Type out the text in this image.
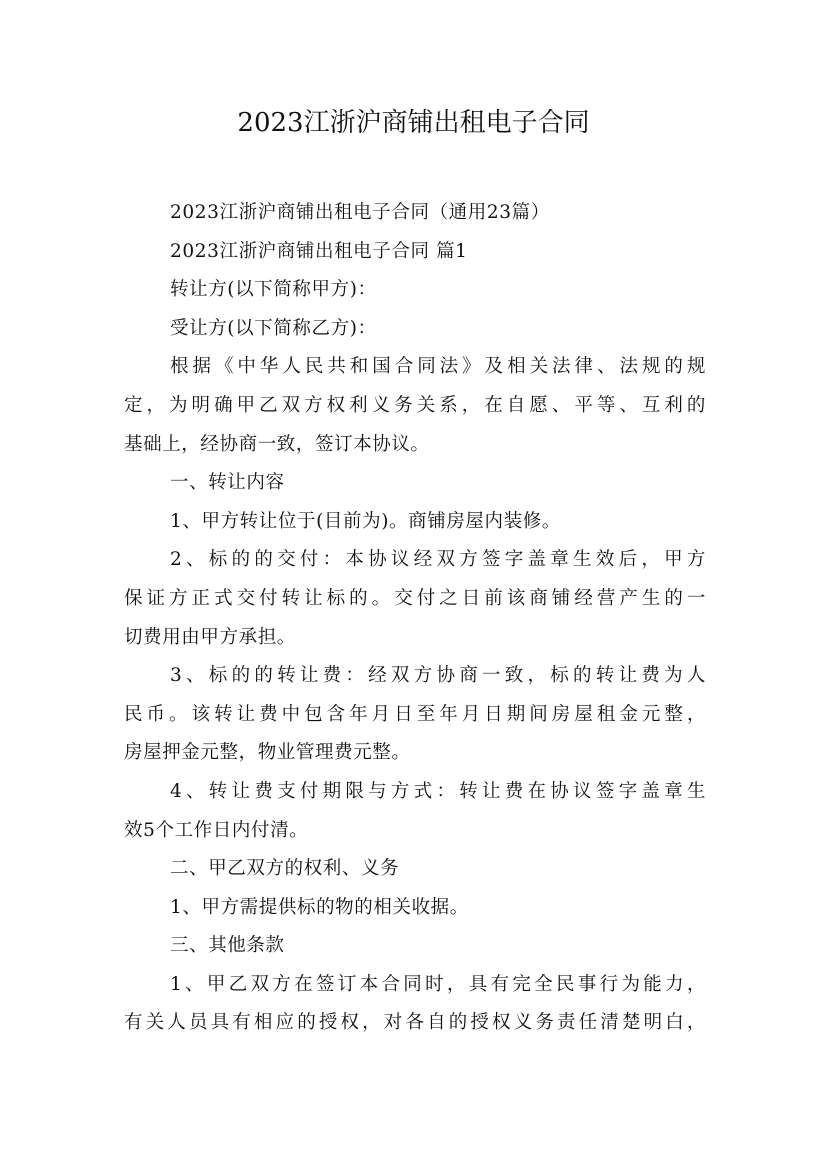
2023江浙沪商铺出租电子合同
2023江浙沪商铺出租电子合同（通用23篇）
2023江浙沪商铺出租电子合同 篇1
转让方(以下简称甲方)：
受让方(以下简称乙方)：
根据《中华人民共和国合同法》及相关法律、法规的规
定，为明确甲乙双方权利义务关系，在自愿、平等、互利的
基础上，经协商一致，签订本协议。
一、转让内容
1、甲方转让位于(目前为)。商铺房屋内装修。
2、标的的交付：本协议经双方签字盖章生效后，甲方
保证方正式交付转让标的。交付之日前该商铺经营产生的一
切费用由甲方承担。
3、标的的转让费：经双方协商一致，标的转让费为人
民币。该转让费中包含年月日至年月日期间房屋租金元整，
房屋押金元整，物业管理费元整。
4、转让费支付期限与方式：转让费在协议签字盖章生
效5个工作日内付清。
二、甲乙双方的权利、义务
1、甲方需提供标的物的相关收据。
三、其他条款
1、甲乙双方在签订本合同时，具有完全民事行为能力，
有关人员具有相应的授权，对各自的授权义务责任清楚明白，
